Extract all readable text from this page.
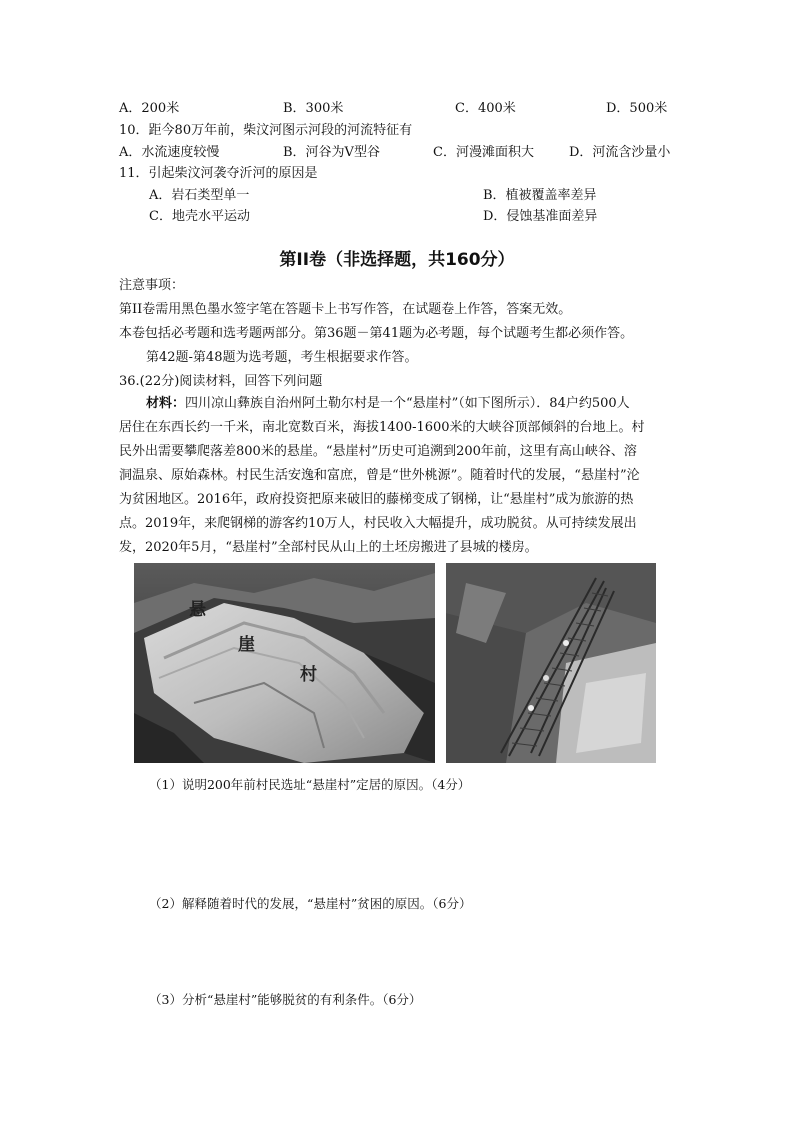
A．200米	B．300米	C．400米	D．500米
10．距今80万年前，柴汶河图示河段的河流特征有
A．水流速度较慢	B．河谷为V型谷	C．河漫滩面积大	D．河流含沙量小
11．引起柴汶河袭夺沂河的原因是
A．岩石类型单一	B．植被覆盖率差异
C．地壳水平运动	D．侵蚀基准面差异
第II卷（非选择题，共160分）
注意事项：
第II卷需用黑色墨水签字笔在答题卡上书写作答，在试题卷上作答，答案无效。
本卷包括必考题和选考题两部分。第36题－第41题为必考题，每个试题考生都必须作答。
第42题-第48题为选考题，考生根据要求作答。
36.(22分)阅读材料，回答下列问题
材料：四川凉山彝族自治州阿土勒尔村是一个“悬崖村”（如下图所示）．84户约500人
居住在东西长约一千米，南北宽数百米，海拔1400-1600米的大峡谷顶部倾斜的台地上。村
民外出需要攀爬落差800米的悬崖。“悬崖村”历史可追溯到200年前，这里有高山峡谷、溶
洞温泉、原始森林。村民生活安逸和富庶，曾是“世外桃源”。随着时代的发展，“悬崖村”沦
为贫困地区。2016年，政府投资把原来破旧的藤梯变成了钢梯，让“悬崖村”成为旅游的热
点。2019年，来爬钢梯的游客约10万人，村民收入大幅提升，成功脱贫。从可持续发展出
发，2020年5月，“悬崖村”全部村民从山上的土坯房搬进了县城的楼房。
悬
崖
村
（1）说明200年前村民选址“悬崖村”定居的原因。（4分）
（2）解释随着时代的发展，“悬崖村”贫困的原因。（6分）
（3）分析“悬崖村”能够脱贫的有利条件。（6分）
